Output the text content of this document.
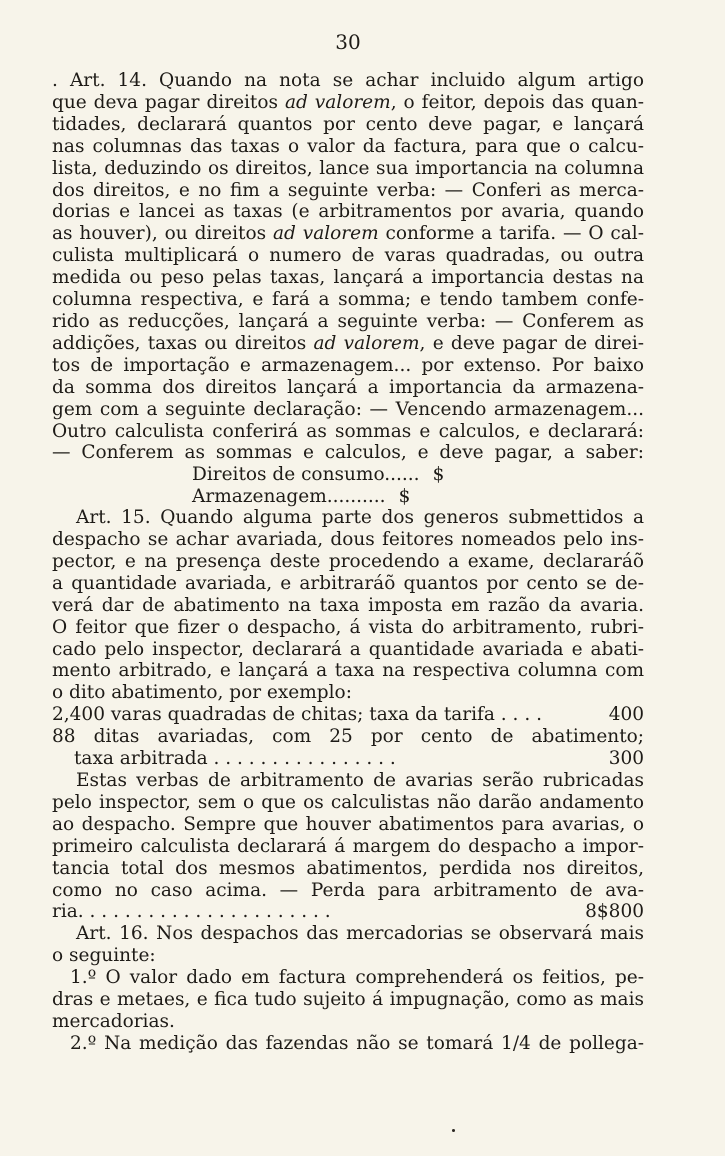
30
. Art. 14. Quando na nota se achar incluido algum artigo
que deva pagar direitos ad valorem, o feitor, depois das quan-
tidades, declarará quantos por cento deve pagar, e lançará
nas columnas das taxas o valor da factura, para que o calcu-
lista, deduzindo os direitos, lance sua importancia na columna
dos direitos, e no fim a seguinte verba: — Conferi as merca-
dorias e lancei as taxas (e arbitramentos por avaria, quando
as houver), ou direitos ad valorem conforme a tarifa. — O cal-
culista multiplicará o numero de varas quadradas, ou outra
medida ou peso pelas taxas, lançará a importancia destas na
columna respectiva, e fará a somma; e tendo tambem confe-
rido as reducções, lançará a seguinte verba: — Conferem as
addições, taxas ou direitos ad valorem, e deve pagar de direi-
tos de importação e armazenagem... por extenso. Por baixo
da somma dos direitos lançará a importancia da armazena-
gem com a seguinte declaração: — Vencendo armazenagem...
Outro calculista conferirá as sommas e calculos, e declarará:
— Conferem as sommas e calculos, e deve pagar, a saber:
Direitos de consumo...... $
Armazenagem.......... $
Art. 15. Quando alguma parte dos generos submettidos a
despacho se achar avariada, dous feitores nomeados pelo ins-
pector, e na presença deste procedendo a exame, declararáõ
a quantidade avariada, e arbitraráõ quantos por cento se de-
verá dar de abatimento na taxa imposta em razão da avaria.
O feitor que fizer o despacho, á vista do arbitramento, rubri-
cado pelo inspector, declarará a quantidade avariada e abati-
mento arbitrado, e lançará a taxa na respectiva columna com
o dito abatimento, por exemplo:
2,400 varas quadradas de chitas; taxa da tarifa . . . .	400
88 ditas avariadas, com 25 por cento de abatimento;
taxa arbitrada . . . . . . . . . . . . . . . .	300
Estas verbas de arbitramento de avarias serão rubricadas
pelo inspector, sem o que os calculistas não darão andamento
ao despacho. Sempre que houver abatimentos para avarias, o
primeiro calculista declarará á margem do despacho a impor-
tancia total dos mesmos abatimentos, perdida nos direitos,
como no caso acima. — Perda para arbitramento de ava-
ria. . . . . . . . . . . . . . . . . . . . . .	8$800
Art. 16. Nos despachos das mercadorias se observará mais
o seguinte:
1.º O valor dado em factura comprehenderá os feitios, pe-
dras e metaes, e fica tudo sujeito á impugnação, como as mais
mercadorias.
2.º Na medição das fazendas não se tomará 1/4 de pollega-
